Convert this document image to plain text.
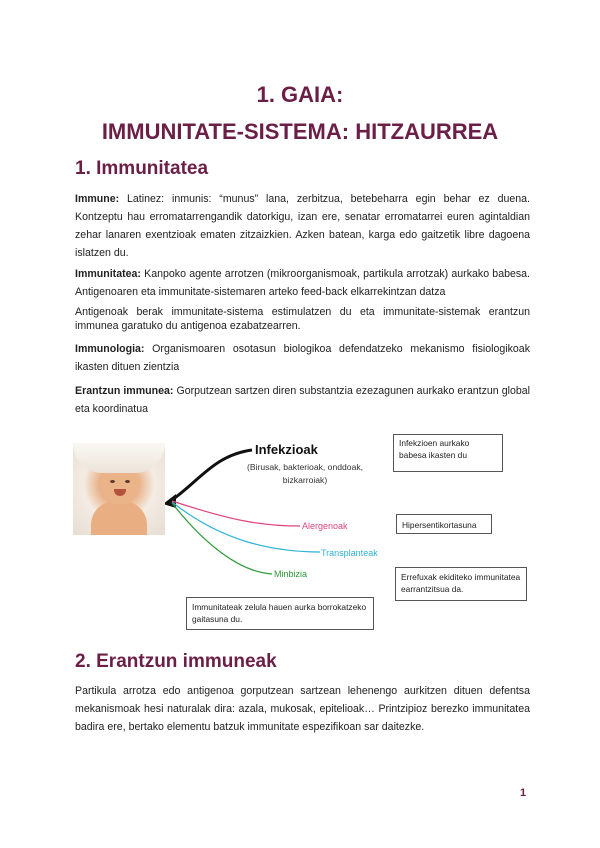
1. GAIA:
IMMUNITATE-SISTEMA: HITZAURREA
1. Immunitatea

Immune: Latinez: inmunis: “munus” lana, zerbitzua, betebeharra egin behar ez duena. Kontzeptu hau erromatarrengandik datorkigu, izan ere, senatar erromatarrei euren agintaldian zehar lanaren exentzioak ematen zitzaizkien. Azken batean, karga edo gaitzetik libre dagoena islatzen du.

Immunitatea: Kanpoko agente arrotzen (mikroorganismoak, partikula arrotzak) aurkako babesa. Antigenoaren eta immunitate-sistemaren arteko feed-back elkarrekintzan datza

Antigenoak berak immunitate-sistema estimulatzen du eta immunitate-sistemak erantzun immunea garatuko du antigenoa ezabatzearren.

Immunologia: Organismoaren osotasun biologikoa defendatzeko mekanismo fisiologikoak ikasten dituen zientzia

Erantzun immunea: Gorputzean sartzen diren substantzia ezezagunen aurkako erantzun global eta koordinatua

Infekzioak
(Birusak, bakterioak, onddoak, bizkarroiak)
Alergenoak
Transplanteak
Minbizia
Infekzioen aurkako babesa ikasten du
Hipersentikortasuna
Errefuxak ekiditeko immunitatea earrantzitsua da.
Immunitateak zelula hauen aurka borrokatzeko gaitasuna du.
2. Erantzun immuneak

Partikula arrotza edo antigenoa gorputzean sartzean lehenengo aurkitzen dituen defentsa mekanismoak hesi naturalak dira: azala, mukosak, epitelioak… Printzipioz berezko immunitatea badira ere, bertako elementu batzuk immunitate espezifikoan sar daitezke.

1
